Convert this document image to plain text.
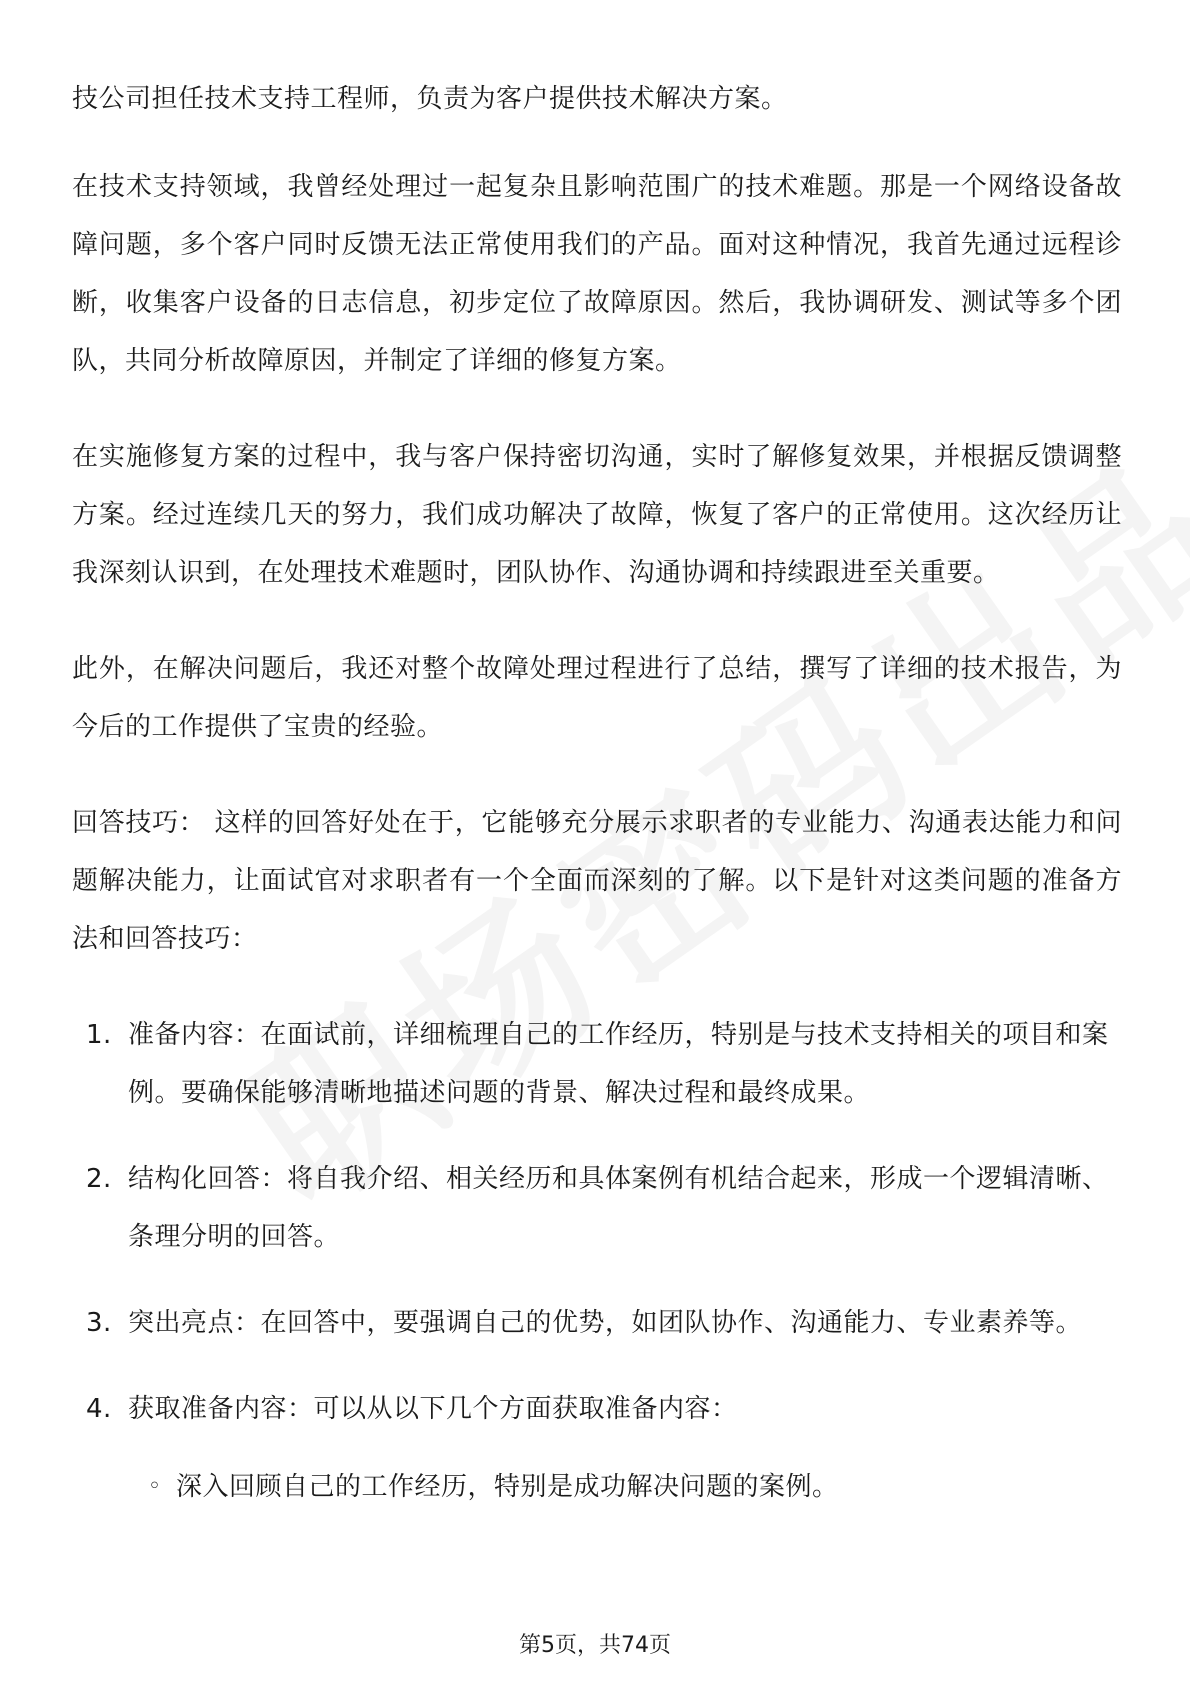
技公司担任技术支持工程师，负责为客户提供技术解决方案。

在技术支持领域，我曾经处理过一起复杂且影响范围广的技术难题。那是一个网络设备故障问题，多个客户同时反馈无法正常使用我们的产品。面对这种情况，我首先通过远程诊断，收集客户设备的日志信息，初步定位了故障原因。然后，我协调研发、测试等多个团队，共同分析故障原因，并制定了详细的修复方案。

在实施修复方案的过程中，我与客户保持密切沟通，实时了解修复效果，并根据反馈调整方案。经过连续几天的努力，我们成功解决了故障，恢复了客户的正常使用。这次经历让我深刻认识到，在处理技术难题时，团队协作、沟通协调和持续跟进至关重要。

此外，在解决问题后，我还对整个故障处理过程进行了总结，撰写了详细的技术报告，为今后的工作提供了宝贵的经验。

回答技巧： 这样的回答好处在于，它能够充分展示求职者的专业能力、沟通表达能力和问题解决能力，让面试官对求职者有一个全面而深刻的了解。以下是针对这类问题的准备方法和回答技巧：

1. 准备内容：在面试前，详细梳理自己的工作经历，特别是与技术支持相关的项目和案例。要确保能够清晰地描述问题的背景、解决过程和最终成果。
2. 结构化回答：将自我介绍、相关经历和具体案例有机结合起来，形成一个逻辑清晰、条理分明的回答。
3. 突出亮点：在回答中，要强调自己的优势，如团队协作、沟通能力、专业素养等。
4. 获取准备内容：可以从以下几个方面获取准备内容：
◦ 深入回顾自己的工作经历，特别是成功解决问题的案例。
第5页，共74页
